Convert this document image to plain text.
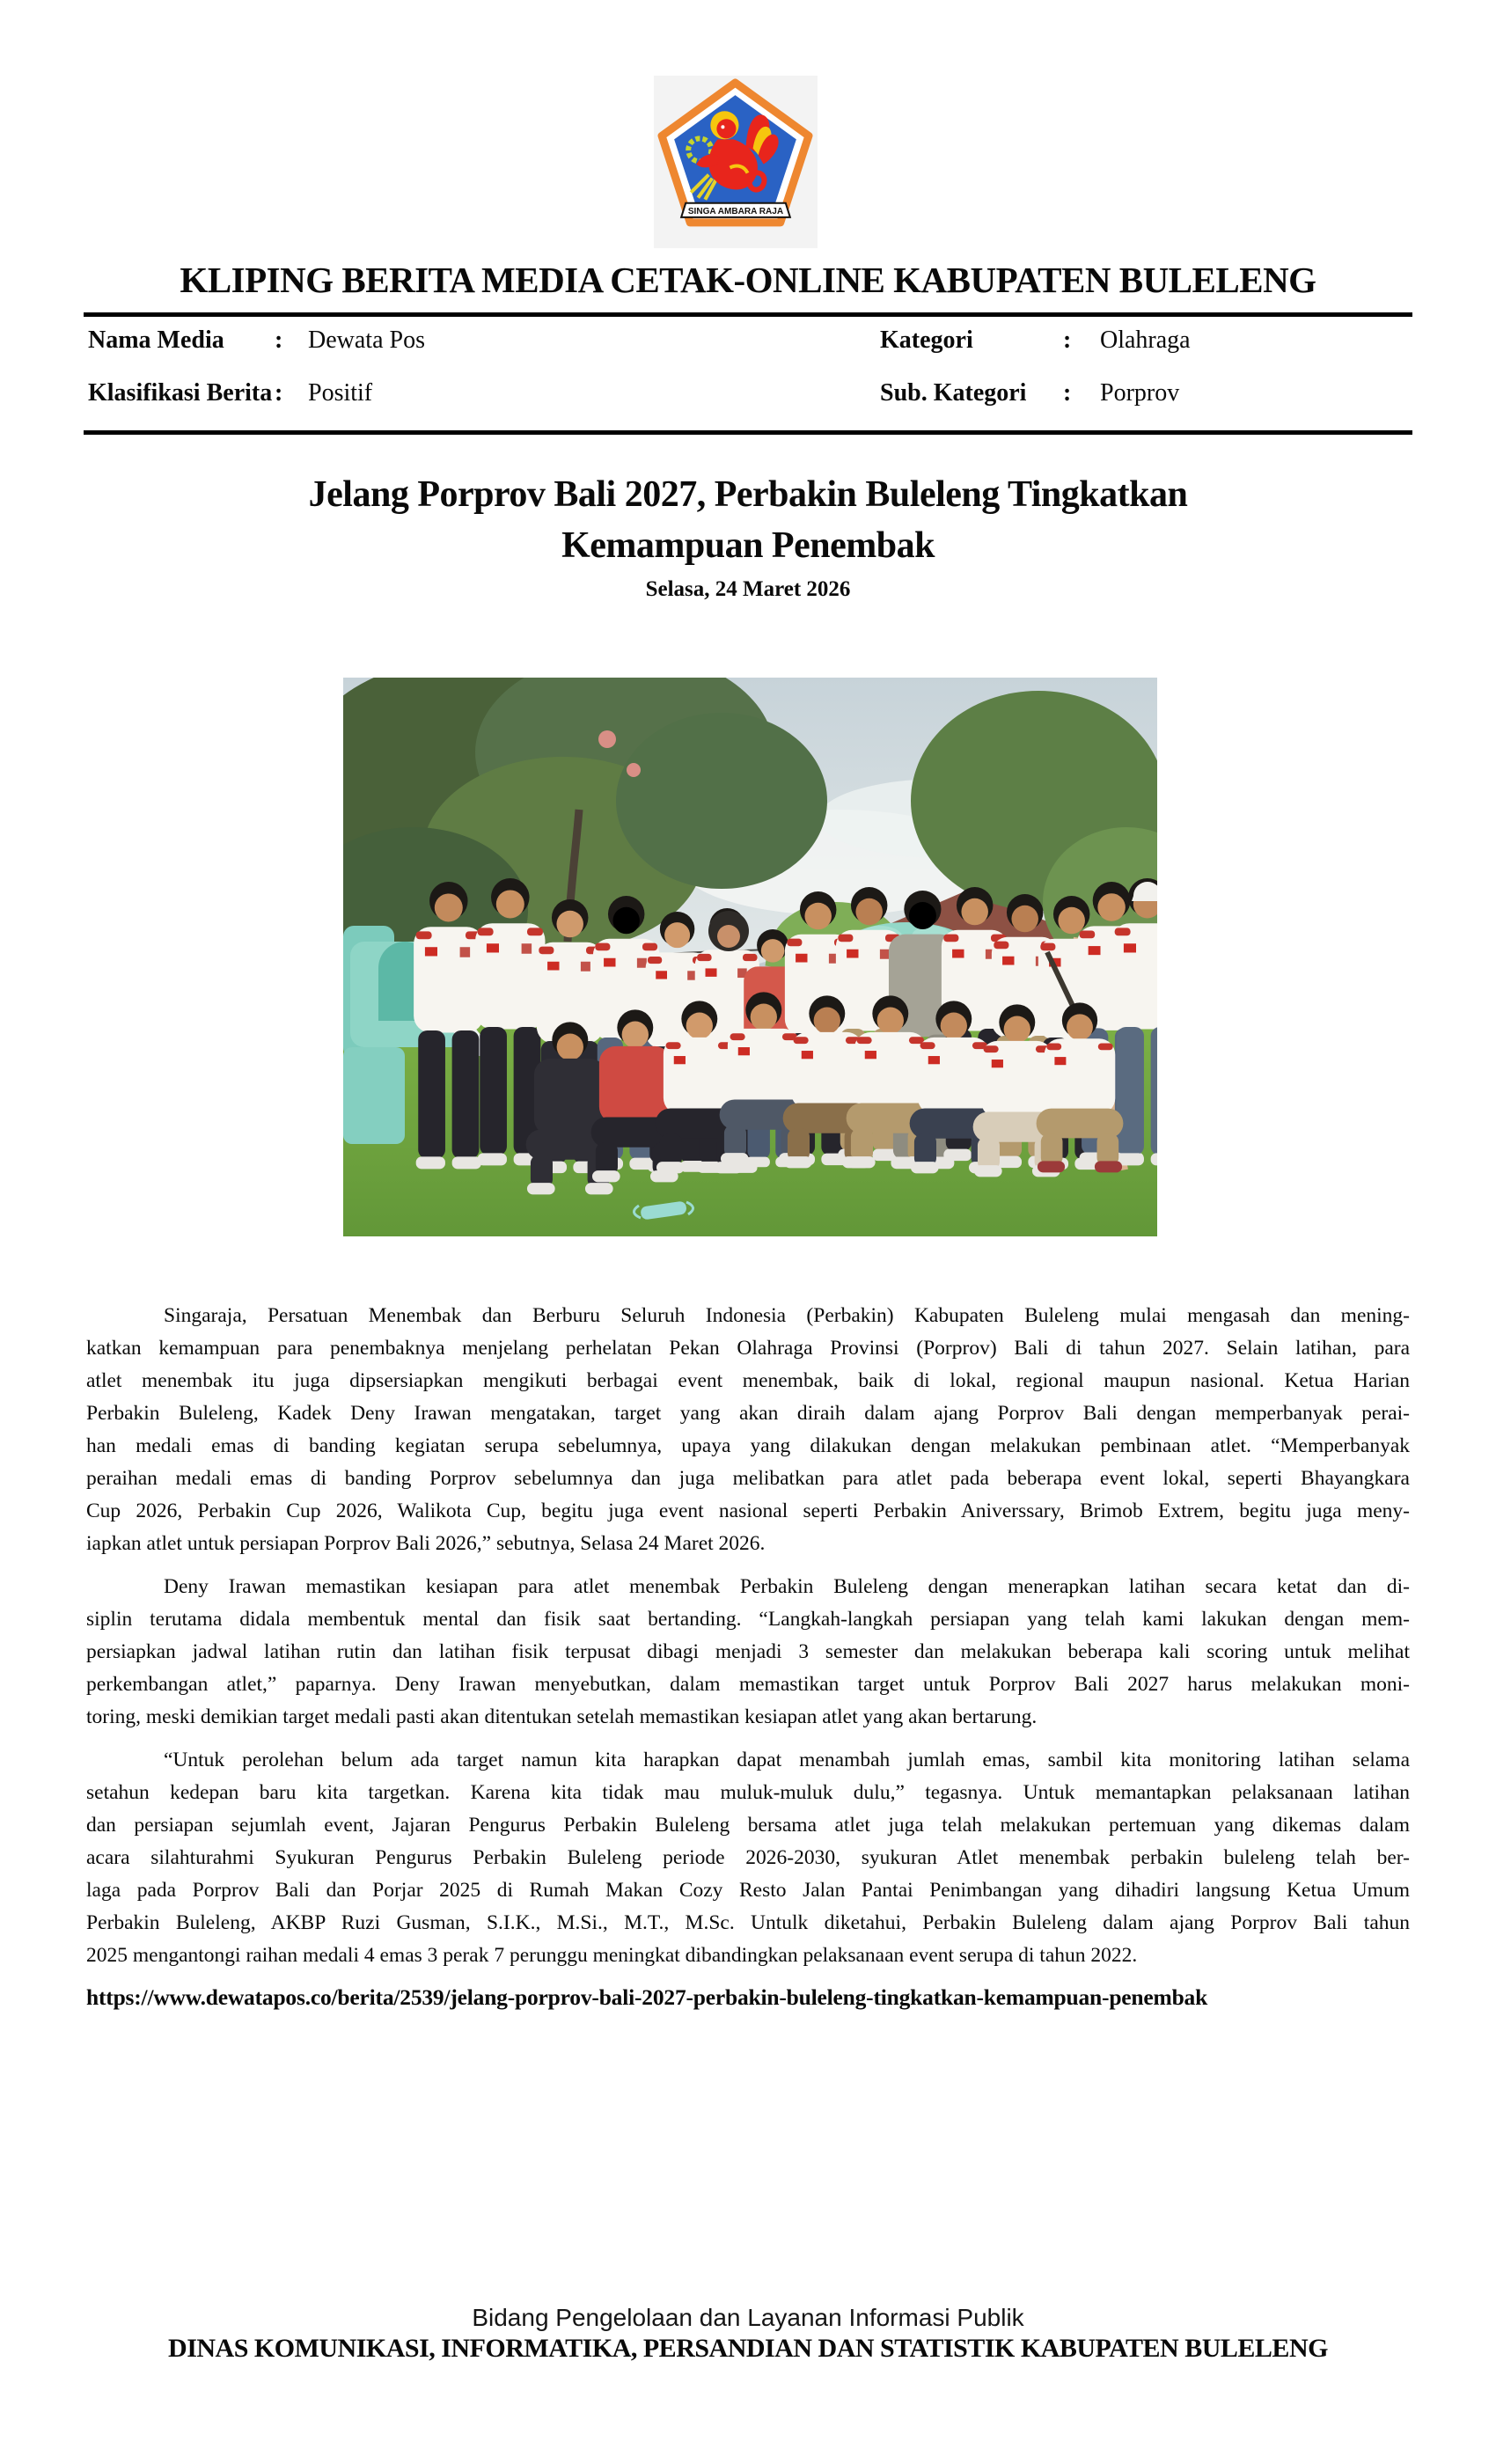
SINGA AMBARA RAJA
KLIPING BERITA MEDIA CETAK-ONLINE KABUPATEN BULELENG
Nama Media : Dewata Pos	Kategori	: Olahraga
Klasifikasi Berita : Positif	Sub. Kategori : Porprov
Jelang Porprov Bali 2027, Perbakin Buleleng Tingkatkan
Kemampuan Penembak
Selasa, 24 Maret 2026
Singaraja, Persatuan Menembak dan Berburu Seluruh Indonesia (Perbakin) Kabupaten Buleleng mulai mengasah dan mening-
katkan kemampuan para penembaknya menjelang perhelatan Pekan Olahraga Provinsi (Porprov) Bali di tahun 2027. Selain latihan, para
atlet menembak itu juga dipsersiapkan mengikuti berbagai event menembak, baik di lokal, regional maupun nasional. Ketua Harian
Perbakin Buleleng, Kadek Deny Irawan mengatakan, target yang akan diraih dalam ajang Porprov Bali dengan memperbanyak perai-
han medali emas di banding kegiatan serupa sebelumnya, upaya yang dilakukan dengan melakukan pembinaan atlet. “Memperbanyak
peraihan medali emas di banding Porprov sebelumnya dan juga melibatkan para atlet pada beberapa event lokal, seperti Bhayangkara
Cup 2026, Perbakin Cup 2026, Walikota Cup, begitu juga event nasional seperti Perbakin Aniverssary, Brimob Extrem, begitu juga meny-
iapkan atlet untuk persiapan Porprov Bali 2026,” sebutnya, Selasa 24 Maret 2026.
Deny Irawan memastikan kesiapan para atlet menembak Perbakin Buleleng dengan menerapkan latihan secara ketat dan di-
siplin terutama didala membentuk mental dan fisik saat bertanding. “Langkah-langkah persiapan yang telah kami lakukan dengan mem-
persiapkan jadwal latihan rutin dan latihan fisik terpusat dibagi menjadi 3 semester dan melakukan beberapa kali scoring untuk melihat
perkembangan atlet,” paparnya. Deny Irawan menyebutkan, dalam memastikan target untuk Porprov Bali 2027 harus melakukan moni-
toring, meski demikian target medali pasti akan ditentukan setelah memastikan kesiapan atlet yang akan bertarung.
“Untuk perolehan belum ada target namun kita harapkan dapat menambah jumlah emas, sambil kita monitoring latihan selama
setahun kedepan baru kita targetkan. Karena kita tidak mau muluk-muluk dulu,” tegasnya. Untuk memantapkan pelaksanaan latihan
dan persiapan sejumlah event, Jajaran Pengurus Perbakin Buleleng bersama atlet juga telah melakukan pertemuan yang dikemas dalam
acara silahturahmi Syukuran Pengurus Perbakin Buleleng periode 2026-2030, syukuran Atlet menembak perbakin buleleng telah ber-
laga pada Porprov Bali dan Porjar 2025 di Rumah Makan Cozy Resto Jalan Pantai Penimbangan yang dihadiri langsung Ketua Umum
Perbakin Buleleng, AKBP Ruzi Gusman, S.I.K., M.Si., M.T., M.Sc. Untulk diketahui, Perbakin Buleleng dalam ajang Porprov Bali tahun
2025 mengantongi raihan medali 4 emas 3 perak 7 perunggu meningkat dibandingkan pelaksanaan event serupa di tahun 2022.
https://www.dewatapos.co/berita/2539/jelang-porprov-bali-2027-perbakin-buleleng-tingkatkan-kemampuan-penembak
Bidang Pengelolaan dan Layanan Informasi Publik
DINAS KOMUNIKASI, INFORMATIKA, PERSANDIAN DAN STATISTIK KABUPATEN BULELENG
